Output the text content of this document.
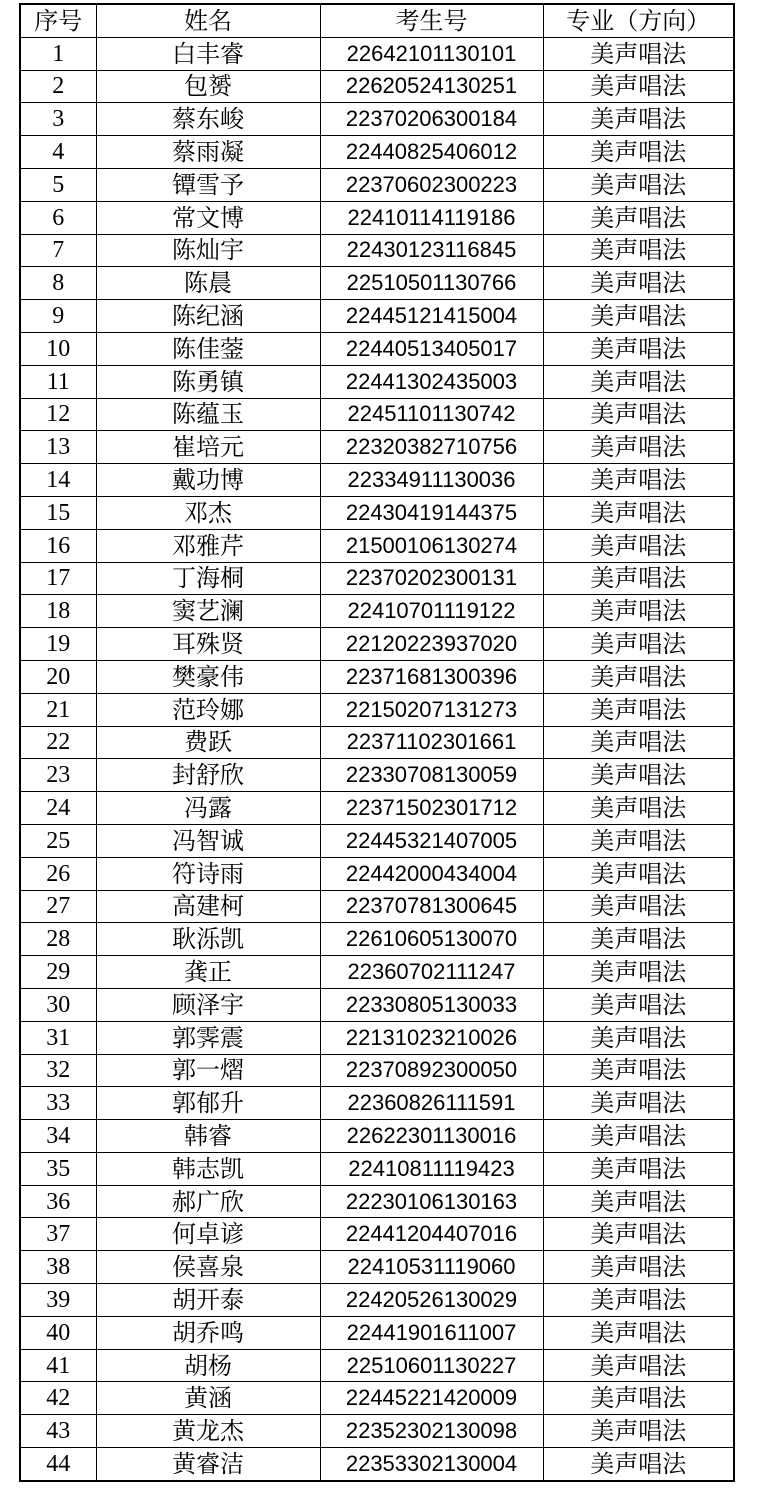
序号	姓名	考生号	专业（方向）
1	白丰睿	22642101130101	美声唱法
2	包赟	22620524130251	美声唱法
3	蔡东峻	22370206300184	美声唱法
4	蔡雨凝	22440825406012	美声唱法
5	镡雪予	22370602300223	美声唱法
6	常文博	22410114119186	美声唱法
7	陈灿宇	22430123116845	美声唱法
8	陈晨	22510501130766	美声唱法
9	陈纪涵	22445121415004	美声唱法
10	陈佳蓥	22440513405017	美声唱法
11	陈勇镇	22441302435003	美声唱法
12	陈蕴玉	22451101130742	美声唱法
13	崔培元	22320382710756	美声唱法
14	戴功博	22334911130036	美声唱法
15	邓杰	22430419144375	美声唱法
16	邓雅芹	21500106130274	美声唱法
17	丁海桐	22370202300131	美声唱法
18	窦艺澜	22410701119122	美声唱法
19	耳殊贤	22120223937020	美声唱法
20	樊豪伟	22371681300396	美声唱法
21	范玲娜	22150207131273	美声唱法
22	费跃	22371102301661	美声唱法
23	封舒欣	22330708130059	美声唱法
24	冯露	22371502301712	美声唱法
25	冯智诚	22445321407005	美声唱法
26	符诗雨	22442000434004	美声唱法
27	高建柯	22370781300645	美声唱法
28	耿泺凯	22610605130070	美声唱法
29	龚正	22360702111247	美声唱法
30	顾泽宇	22330805130033	美声唱法
31	郭霁震	22131023210026	美声唱法
32	郭一熠	22370892300050	美声唱法
33	郭郁升	22360826111591	美声唱法
34	韩睿	22622301130016	美声唱法
35	韩志凯	22410811119423	美声唱法
36	郝广欣	22230106130163	美声唱法
37	何卓谚	22441204407016	美声唱法
38	侯喜泉	22410531119060	美声唱法
39	胡开泰	22420526130029	美声唱法
40	胡乔鸣	22441901611007	美声唱法
41	胡杨	22510601130227	美声唱法
42	黄涵	22445221420009	美声唱法
43	黄龙杰	22352302130098	美声唱法
44	黄睿洁	22353302130004	美声唱法
